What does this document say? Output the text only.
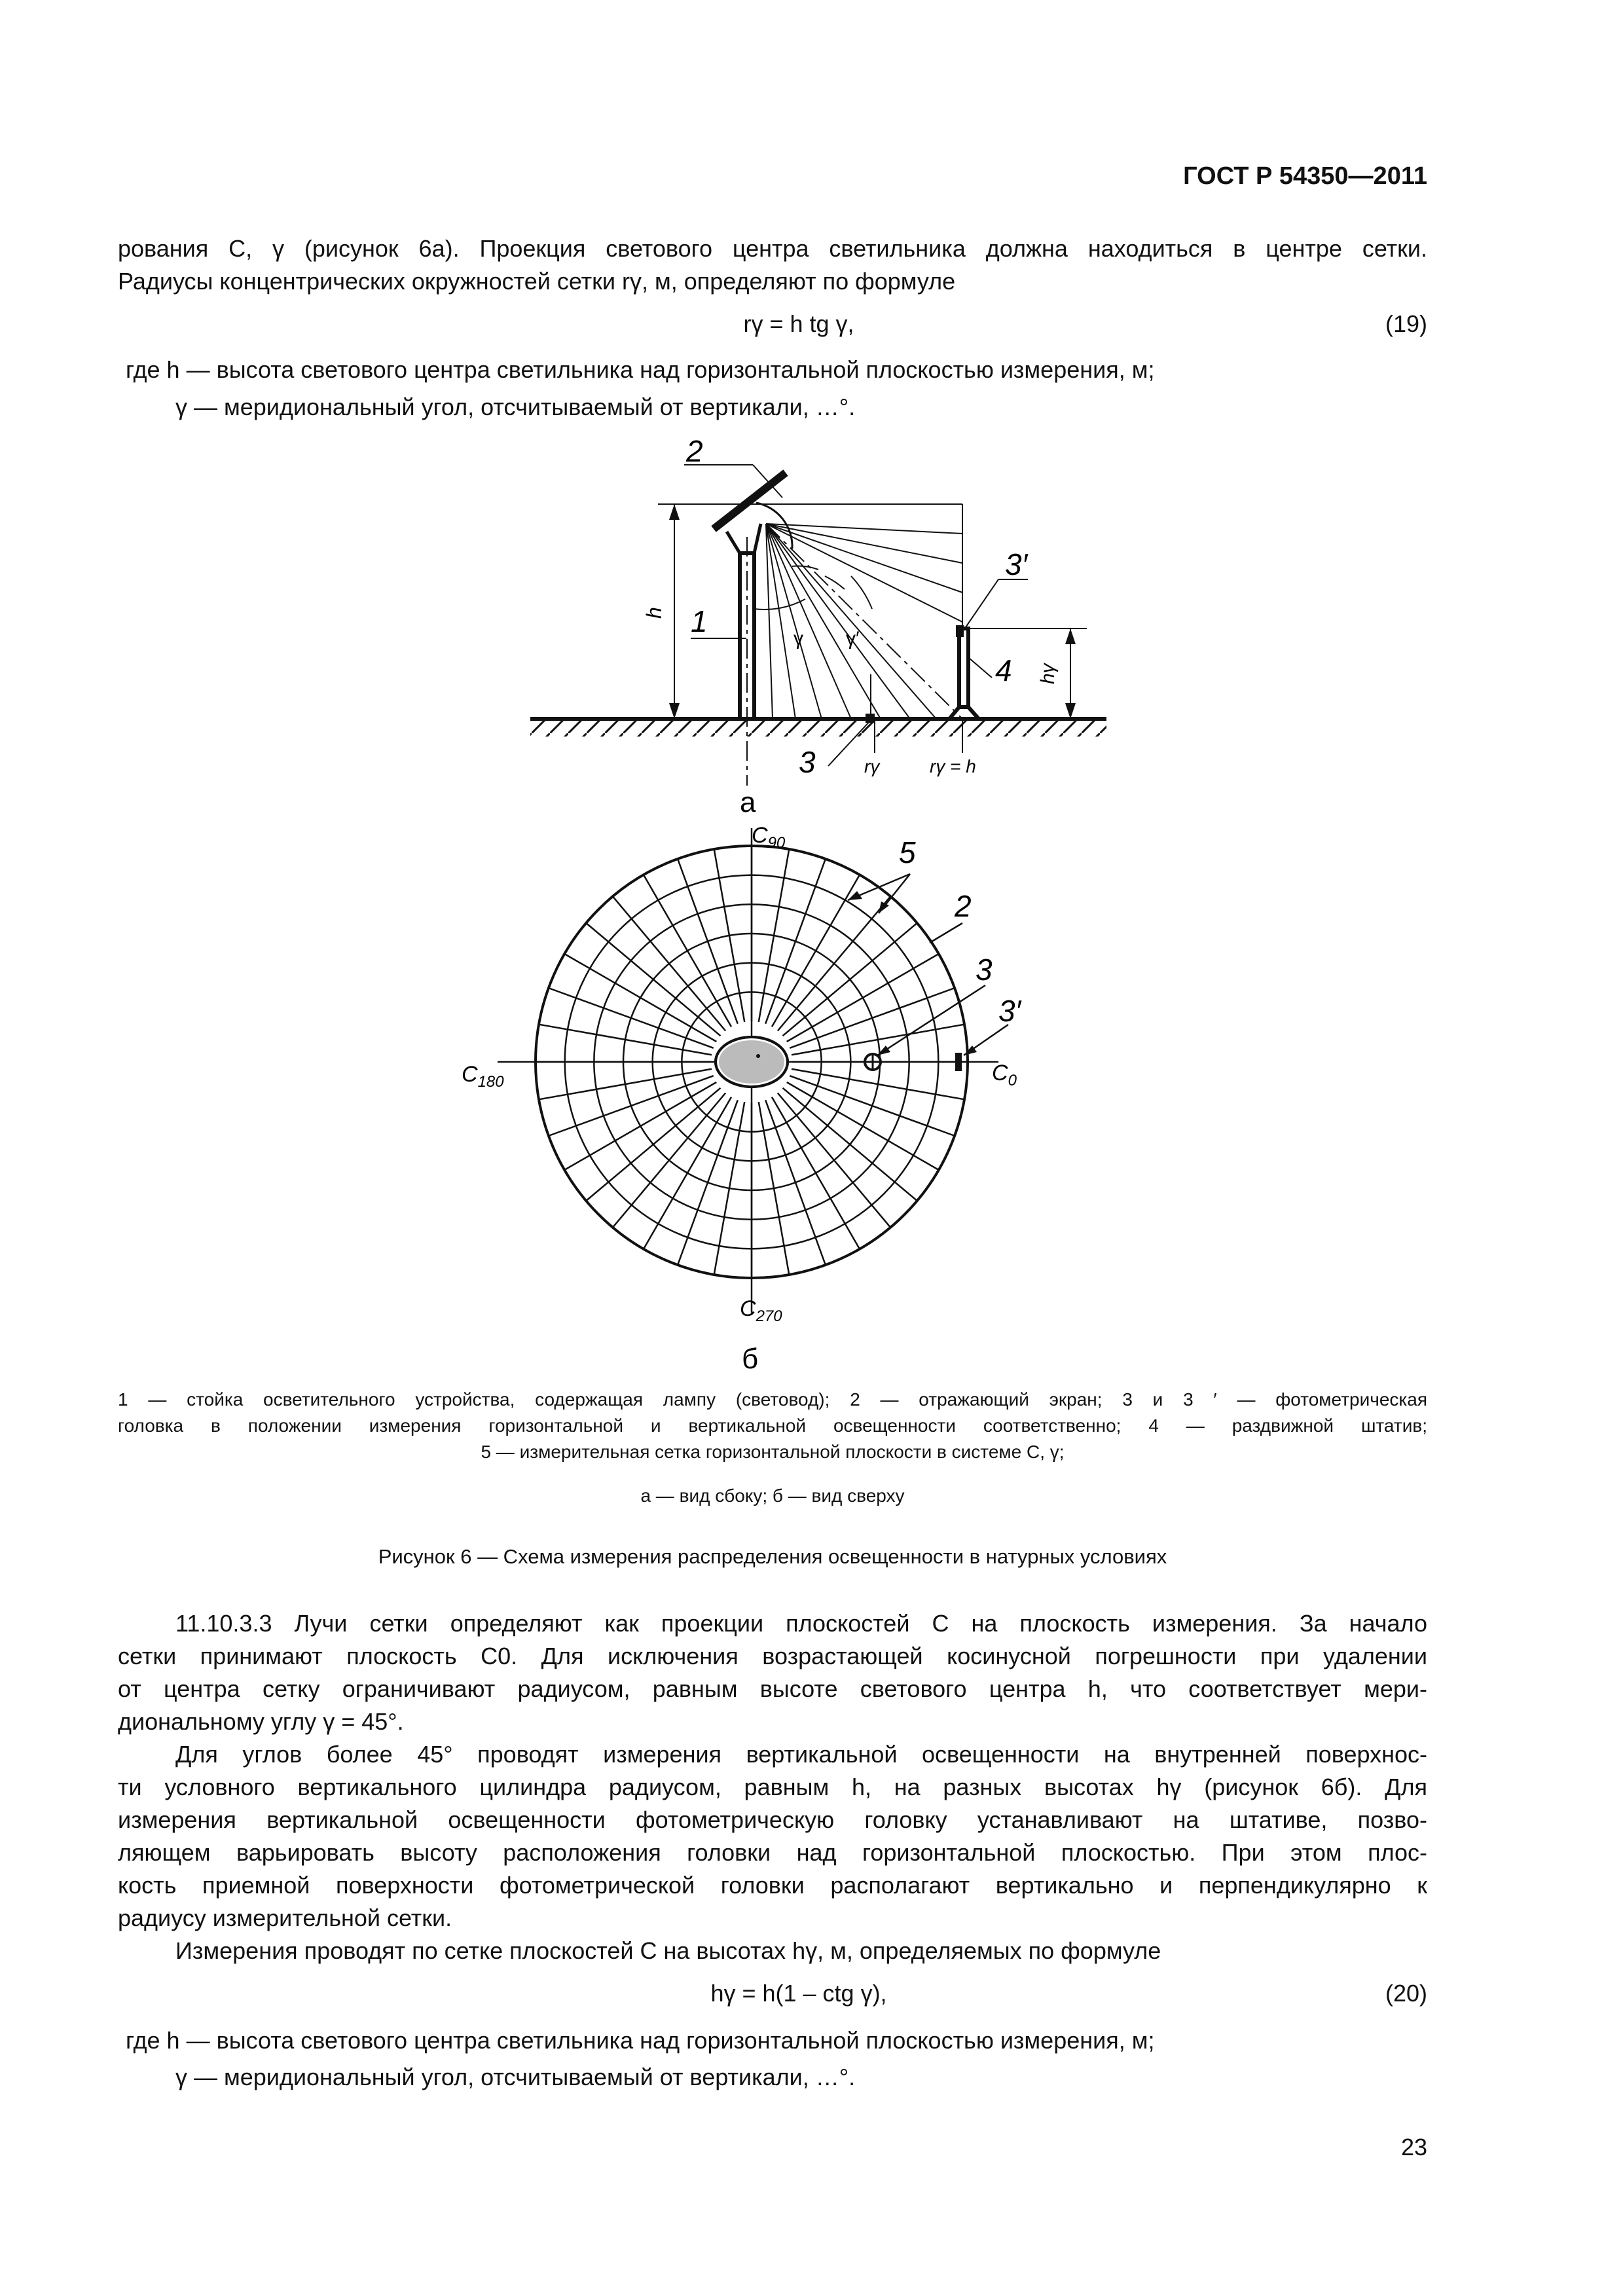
ГОСТ Р 54350—2011
рования C, γ (рисунок 6а). Проекция светового центра светильника должна находиться в центре сетки.
Радиусы концентрических окружностей сетки rγ, м, определяют по формуле
rγ = h tg γ,	(19)
где h — высота светового центра светильника над горизонтальной плоскостью измерения, м;
γ — меридиональный угол, отсчитываемый от вертикали, …°.
2
1
3′
4
3
h
hγ
γ γ′
rγ	rγ = h
а
$C_{90}$
$C_{180}$	$C_0$
$C_{270}$
5
2
3
3′
б
1 — стойка осветительного устройства, содержащая лампу (световод); 2 — отражающий экран; 3 и 3 ′ — фотометрическая
головка в положении измерения горизонтальной и вертикальной освещенности соответственно; 4 — раздвижной штатив;
5 — измерительная сетка горизонтальной плоскости в системе C, γ;
а — вид сбоку; б — вид сверху
Рисунок 6 — Схема измерения распределения освещенности в натурных условиях
11.10.3.3 Лучи сетки определяют как проекции плоскостей C на плоскость измерения. За начало
сетки принимают плоскость C0. Для исключения возрастающей косинусной погрешности при удалении
от центра сетку ограничивают радиусом, равным высоте светового центра h, что соответствует мери-
диональному углу γ = 45°.
Для углов более 45° проводят измерения вертикальной освещенности на внутренней поверхнос-
ти условного вертикального цилиндра радиусом, равным h, на разных высотах hγ (рисунок 6б). Для
измерения вертикальной освещенности фотометрическую головку устанавливают на штативе, позво-
ляющем варьировать высоту расположения головки над горизонтальной плоскостью. При этом плос-
кость приемной поверхности фотометрической головки располагают вертикально и перпендикулярно к
радиусу измерительной сетки.
Измерения проводят по сетке плоскостей C на высотах hγ, м, определяемых по формуле
hγ = h(1 – ctg γ),	(20)
где h — высота светового центра светильника над горизонтальной плоскостью измерения, м;
γ — меридиональный угол, отсчитываемый от вертикали, …°.
23
